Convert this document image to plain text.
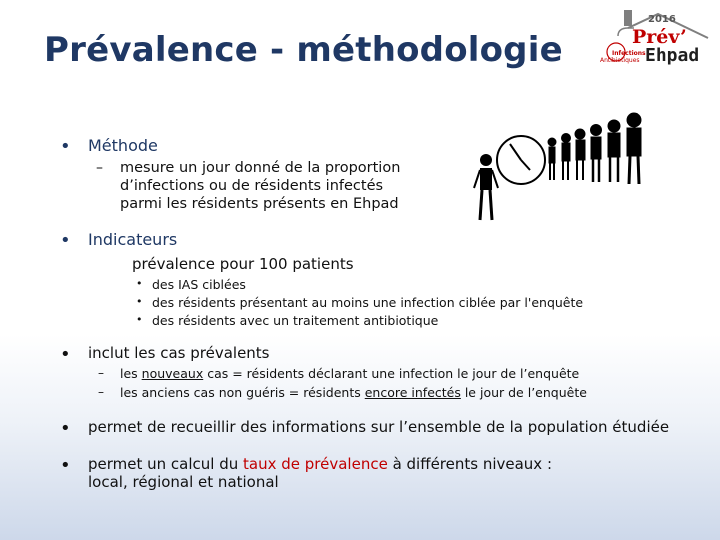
Prévalence - méthodologie
2016
Prév’
Ehpad
Infections
Antibiotiques
• Méthode
– mesure un jour donné de la proportion
d’infections ou de résidents infectés
parmi les résidents présents en Ehpad
• Indicateurs
prévalence pour 100 patients
• des IAS ciblées
• des résidents présentant au moins une infection ciblée par l'enquête
• des résidents avec un traitement antibiotique
• inclut les cas prévalents
– les nouveaux cas = résidents déclarant une infection le jour de l’enquête
– les anciens cas non guéris = résidents encore infectés le jour de l’enquête
• permet de recueillir des informations sur l’ensemble de la population étudiée
• permet un calcul du taux de prévalence à différents niveaux :
local, régional et national
